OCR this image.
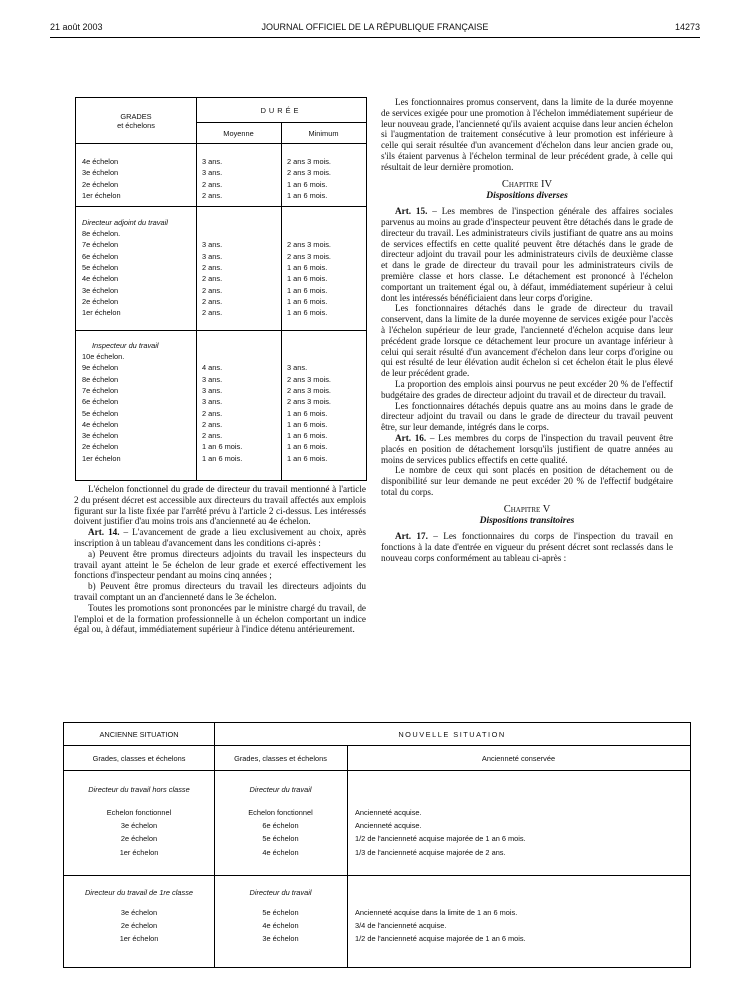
21 août 2003	JOURNAL OFFICIEL DE LA RÉPUBLIQUE FRANÇAISE	14273
GRADES
et échelons
DURÉE
Moyenne	Minimum
4e échelon	3 ans.	2 ans 3 mois.
3e échelon	3 ans.	2 ans 3 mois.
2e échelon	2 ans.	1 an 6 mois.
1er échelon	2 ans.	1 an 6 mois.
Directeur adjoint du travail
8e échelon.
7e échelon	3 ans.	2 ans 3 mois.
6e échelon	3 ans.	2 ans 3 mois.
5e échelon	2 ans.	1 an 6 mois.
4e échelon	2 ans.	1 an 6 mois.
3e échelon	2 ans.	1 an 6 mois.
2e échelon	2 ans.	1 an 6 mois.
1er échelon	2 ans.	1 an 6 mois.
Inspecteur du travail
10e échelon.
9e échelon	4 ans.	3 ans.
8e échelon	3 ans.	2 ans 3 mois.
7e échelon	3 ans.	2 ans 3 mois.
6e échelon	3 ans.	2 ans 3 mois.
5e échelon	2 ans.	1 an 6 mois.
4e échelon	2 ans.	1 an 6 mois.
3e échelon	2 ans.	1 an 6 mois.
2e échelon	1 an 6 mois.	1 an 6 mois.
1er échelon	1 an 6 mois.	1 an 6 mois.

L'échelon fonctionnel du grade de directeur du travail mentionné à l'article 2 du présent décret est accessible aux directeurs du travail affectés aux emplois figurant sur la liste fixée par l'arrêté prévu à l'article 2 ci-dessus. Les intéressés doivent justifier d'au moins trois ans d'ancienneté au 4e échelon.

Art. 14. – L'avancement de grade a lieu exclusivement au choix, après inscription à un tableau d'avancement dans les conditions ci-après :

a) Peuvent être promus directeurs adjoints du travail les inspecteurs du travail ayant atteint le 5e échelon de leur grade et exercé effectivement les fonctions d'inspecteur pendant au moins cinq années ;

b) Peuvent être promus directeurs du travail les directeurs adjoints du travail comptant un an d'ancienneté dans le 3e échelon.

Toutes les promotions sont prononcées par le ministre chargé du travail, de l'emploi et de la formation professionnelle à un échelon comportant un indice égal ou, à défaut, immédiatement supérieur à l'indice détenu antérieurement.

Les fonctionnaires promus conservent, dans la limite de la durée moyenne de services exigée pour une promotion à l'échelon immédiatement supérieur de leur nouveau grade, l'ancienneté qu'ils avaient acquise dans leur ancien échelon si l'augmentation de traitement consécutive à leur promotion est inférieure à celle qui serait résultée d'un avancement d'échelon dans leur ancien grade ou, s'ils étaient parvenus à l'échelon terminal de leur précédent grade, à celle qui résultait de leur dernière promotion.

Chapitre IV

Dispositions diverses

Art. 15. – Les membres de l'inspection générale des affaires sociales parvenus au moins au grade d'inspecteur peuvent être détachés dans le grade de directeur du travail. Les administrateurs civils justifiant de quatre ans au moins de services effectifs en cette qualité peuvent être détachés dans le grade de directeur adjoint du travail pour les administrateurs civils de deuxième classe et dans le grade de directeur du travail pour les administrateurs civils de première classe et hors classe. Le détachement est prononcé à l'échelon comportant un traitement égal ou, à défaut, immédiatement supérieur à celui dont les intéressés bénéficiaient dans leur corps d'origine.

Les fonctionnaires détachés dans le grade de directeur du travail conservent, dans la limite de la durée moyenne de services exigée pour l'accès à l'échelon supérieur de leur grade, l'ancienneté d'échelon acquise dans leur précédent grade lorsque ce détachement leur procure un avantage inférieur à celui qui serait résulté d'un avancement d'échelon dans leur corps d'origine ou qui est résulté de leur élévation audit échelon si cet échelon était le plus élevé de leur précédent grade.

La proportion des emplois ainsi pourvus ne peut excéder 20 % de l'effectif budgétaire des grades de directeur adjoint du travail et de directeur du travail.

Les fonctionnaires détachés depuis quatre ans au moins dans le grade de directeur adjoint du travail ou dans le grade de directeur du travail peuvent être, sur leur demande, intégrés dans le corps.

Art. 16. – Les membres du corps de l'inspection du travail peuvent être placés en position de détachement lorsqu'ils justifient de quatre années au moins de services publics effectifs en cette qualité.

Le nombre de ceux qui sont placés en position de détachement ou de disponibilité sur leur demande ne peut excéder 20 % de l'effectif budgétaire total du corps.

Chapitre V

Dispositions transitoires

Art. 17. – Les fonctionnaires du corps de l'inspection du travail en fonctions à la date d'entrée en vigueur du présent décret sont reclassés dans le nouveau corps conformément au tableau ci-après :

ANCIENNE SITUATION	NOUVELLE SITUATION
Grades, classes et échelons	Grades, classes et échelons	Ancienneté conservée
Directeur du travail hors classe	Directeur du travail
Echelon fonctionnel	Echelon fonctionnel	Ancienneté acquise.
3e échelon	6e échelon	Ancienneté acquise.
2e échelon	5e échelon	1/2 de l'ancienneté acquise majorée de 1 an 6 mois.
1er échelon	4e échelon	1/3 de l'ancienneté acquise majorée de 2 ans.
Directeur du travail de 1re classe	Directeur du travail
3e échelon	5e échelon	Ancienneté acquise dans la limite de 1 an 6 mois.
2e échelon	4e échelon	3/4 de l'ancienneté acquise.
1er échelon	3e échelon	1/2 de l'ancienneté acquise majorée de 1 an 6 mois.
